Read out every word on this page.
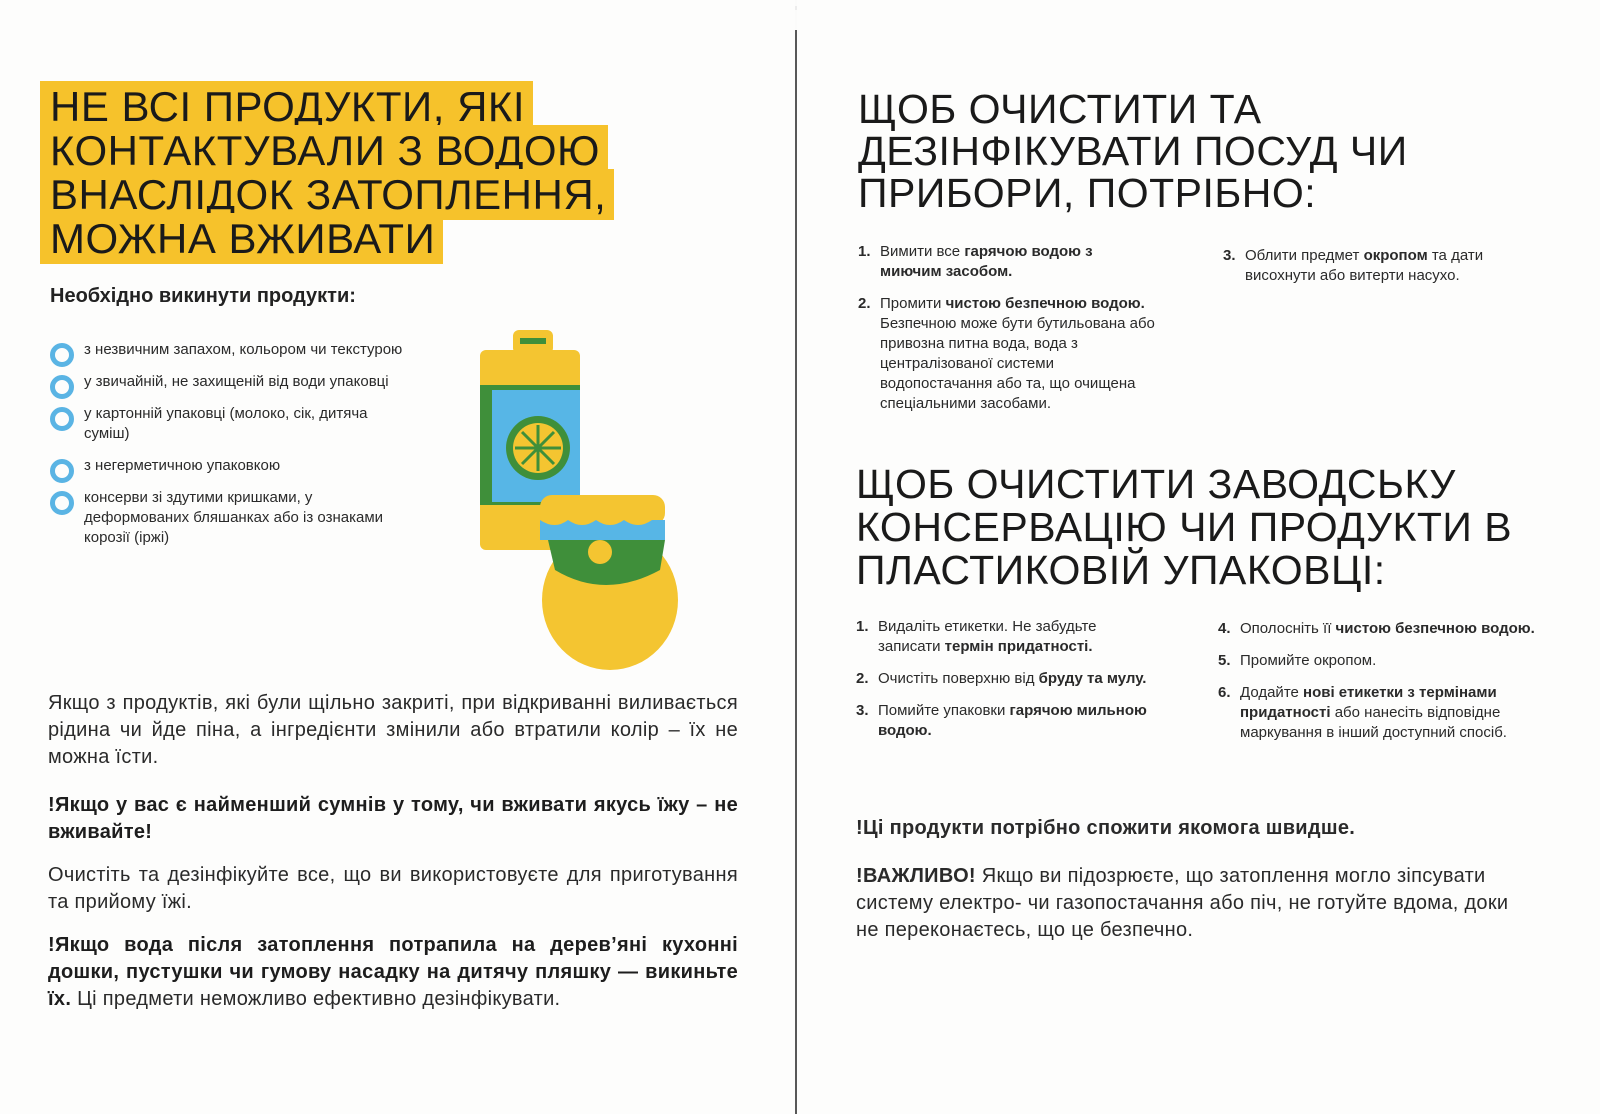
НЕ ВСІ ПРОДУКТИ, ЯКІ КОНТАКТУВАЛИ З ВОДОЮ ВНАСЛІДОК ЗАТОПЛЕННЯ, МОЖНА ВЖИВАТИ
Необхідно викинути продукти:
з незвичним запахом, кольором чи текстурою
у звичайній, не захищеній від води упаковці
у картонній упаковці (молоко, сік, дитяча суміш)
з негерметичною упаковкою
консерви зі здутими кришками, у деформованих бляшанках або із ознаками корозії (іржі)

Якщо з продуктів, які були щільно закриті, при відкриванні виливається рідина чи йде піна, а інгредієнти змінили або втратили колір – їх не можна їсти.

!Якщо у вас є найменший сумнів у тому, чи вживати якусь їжу – не вживайте!

Очистіть та дезінфікуйте все, що ви використовуєте для приготування та прийому їжі.

!Якщо вода після затоплення потрапила на дерев’яні кухонні дошки, пустушки чи гумову насадку на дитячу пляшку — викиньте їх. Ці предмети неможливо ефективно дезінфікувати.

ЩОБ ОЧИСТИТИ ТА ДЕЗІНФІКУВАТИ ПОСУД ЧИ ПРИБОРИ, ПОТРІБНО:
1. Вимити все гарячою водою з миючим засобом.
2. Промити чистою безпечною водою. Безпечною може бути бутильована або привозна питна вода, вода з централізованої системи водопостачання або та, що очищена спеціальними засобами.
3. Облити предмет окропом та дати висохнути або витерти насухо.
ЩОБ ОЧИСТИТИ ЗАВОДСЬКУ КОНСЕРВАЦІЮ ЧИ ПРОДУКТИ В ПЛАСТИКОВІЙ УПАКОВЦІ:
1. Видаліть етикетки. Не забудьте записати термін придатності.
2. Очистіть поверхню від бруду та мулу.
3. Помийте упаковки гарячою мильною водою.
4. Ополосніть її чистою безпечною водою.
5. Промийте окропом.
6. Додайте нові етикетки з термінами придатності або нанесіть відповідне маркування в інший доступний спосіб.

!Ці продукти потрібно спожити якомога швидше.

!ВАЖЛИВО! Якщо ви підозрюєте, що затоплення могло зіпсувати систему електро- чи газопостачання або піч, не готуйте вдома, доки не переконаєтесь, що це безпечно.
